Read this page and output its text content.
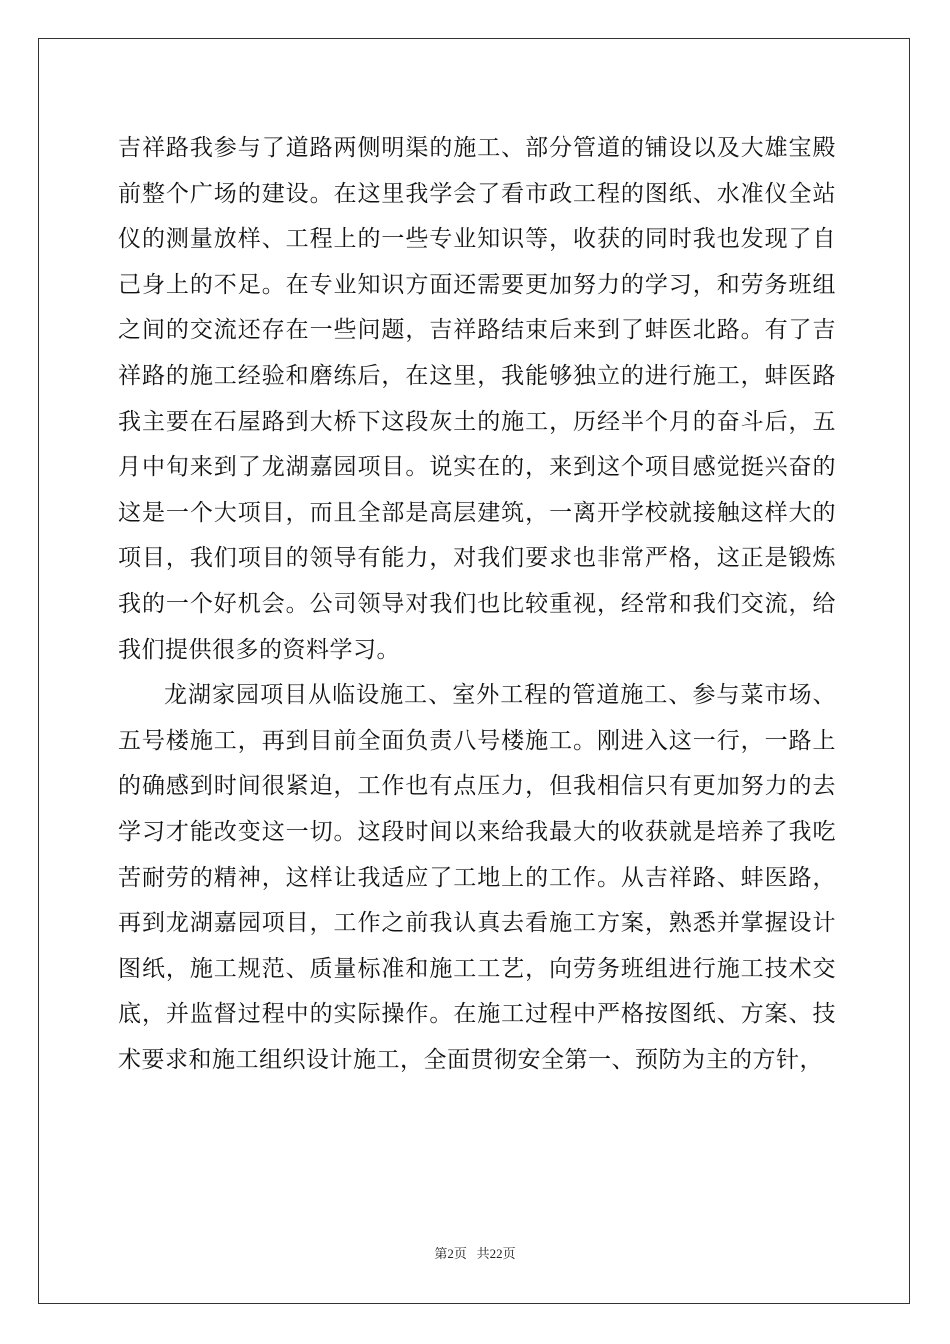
吉祥路我参与了道路两侧明渠的施工、部分管道的铺设以及大雄宝殿前整个广场的建设。在这里我学会了看市政工程的图纸、水准仪全站仪的测量放样、工程上的一些专业知识等，收获的同时我也发现了自己身上的不足。在专业知识方面还需要更加努力的学习，和劳务班组之间的交流还存在一些问题，吉祥路结束后来到了蚌医北路。有了吉祥路的施工经验和磨练后，在这里，我能够独立的进行施工，蚌医路我主要在石屋路到大桥下这段灰土的施工，历经半个月的奋斗后，五月中旬来到了龙湖嘉园项目。说实在的，来到这个项目感觉挺兴奋的这是一个大项目，而且全部是高层建筑，一离开学校就接触这样大的项目，我们项目的领导有能力，对我们要求也非常严格，这正是锻炼我的一个好机会。公司领导对我们也比较重视，经常和我们交流，给我们提供很多的资料学习。

龙湖家园项目从临设施工、室外工程的管道施工、参与菜市场、五号楼施工，再到目前全面负责八号楼施工。刚进入这一行，一路上的确感到时间很紧迫，工作也有点压力，但我相信只有更加努力的去学习才能改变这一切。这段时间以来给我最大的收获就是培养了我吃苦耐劳的精神，这样让我适应了工地上的工作。从吉祥路、蚌医路，再到龙湖嘉园项目，工作之前我认真去看施工方案，熟悉并掌握设计图纸，施工规范、质量标准和施工工艺，向劳务班组进行施工技术交底，并监督过程中的实际操作。在施工过程中严格按图纸、方案、技术要求和施工组织设计施工，全面贯彻安全第一、预防为主的方针，

第2页   共22页
